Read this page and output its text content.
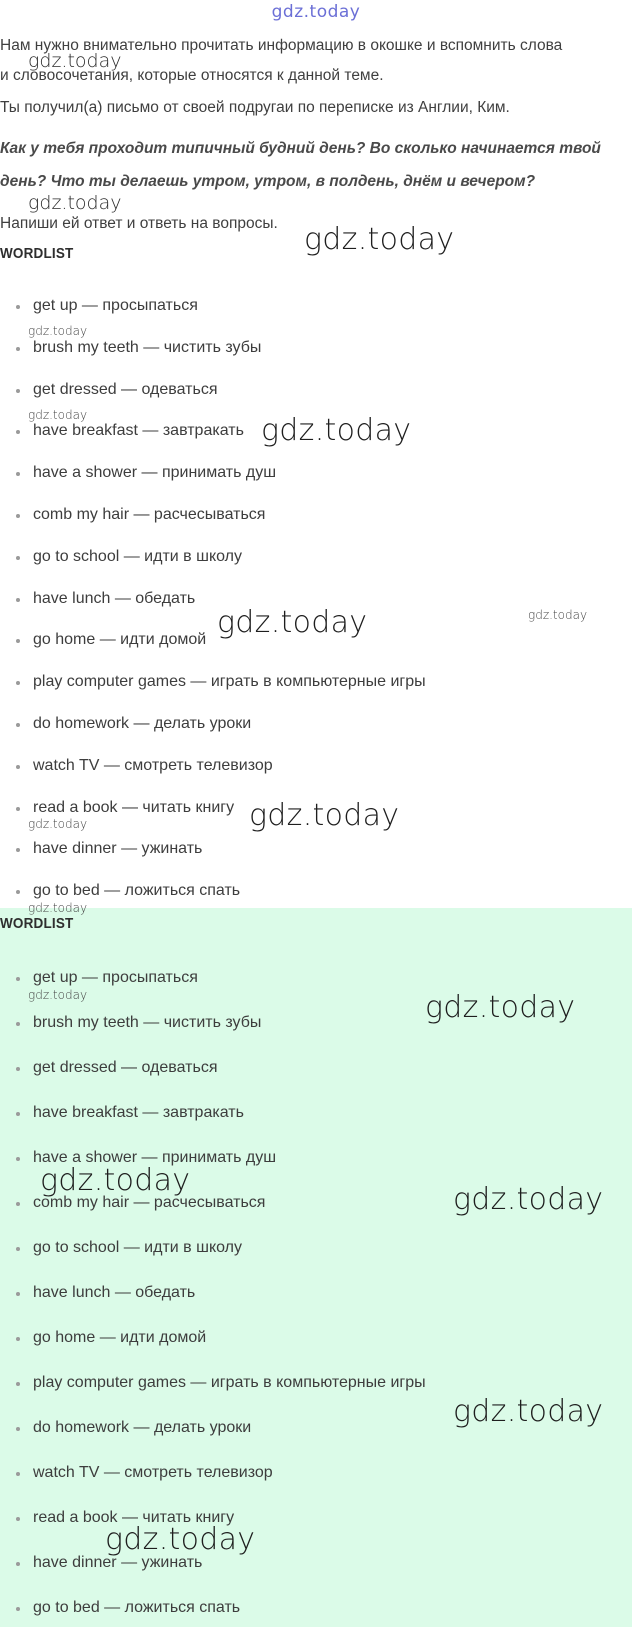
gdz.today

Нам нужно внимательно прочитать информацию в окошке и вспомнить слова

и словосочетания, которые относятся к данной теме.

Ты получил(а) письмо от своей подругаи по переписке из Англии, Ким.

Как у тебя проходит типичный будний день? Во сколько начинается твой

день? Что ты делаешь утром, утром, в полдень, днём и вечером?

Напиши ей ответ и ответь на вопросы.

WORDLIST
get up — просыпаться
brush my teeth — чистить зубы
get dressed — одеваться
have breakfast — завтракать
have a shower — принимать душ
comb my hair — расчесываться
go to school — идти в школу
have lunch — обедать
go home — идти домой
play computer games — играть в компьютерные игры
do homework — делать уроки
watch TV — смотреть телевизор
read a book — читать книгу
have dinner — ужинать
go to bed — ложиться спать
WORDLIST
get up — просыпаться
brush my teeth — чистить зубы
get dressed — одеваться
have breakfast — завтракать
have a shower — принимать душ
comb my hair — расчесываться
go to school — идти в школу
have lunch — обедать
go home — идти домой
play computer games — играть в компьютерные игры
do homework — делать уроки
watch TV — смотреть телевизор
read a book — читать книгу
have dinner — ужинать
go to bed — ложиться спать
gdz.today
gdz.today
gdz.today
gdz.today
gdz.today	gdz.today
gdz.today	gdz.today
gdz.today
gdz.today
gdz.today
gdz.today	gdz.today
gdz.today
gdz.today
gdz.today
gdz.today
